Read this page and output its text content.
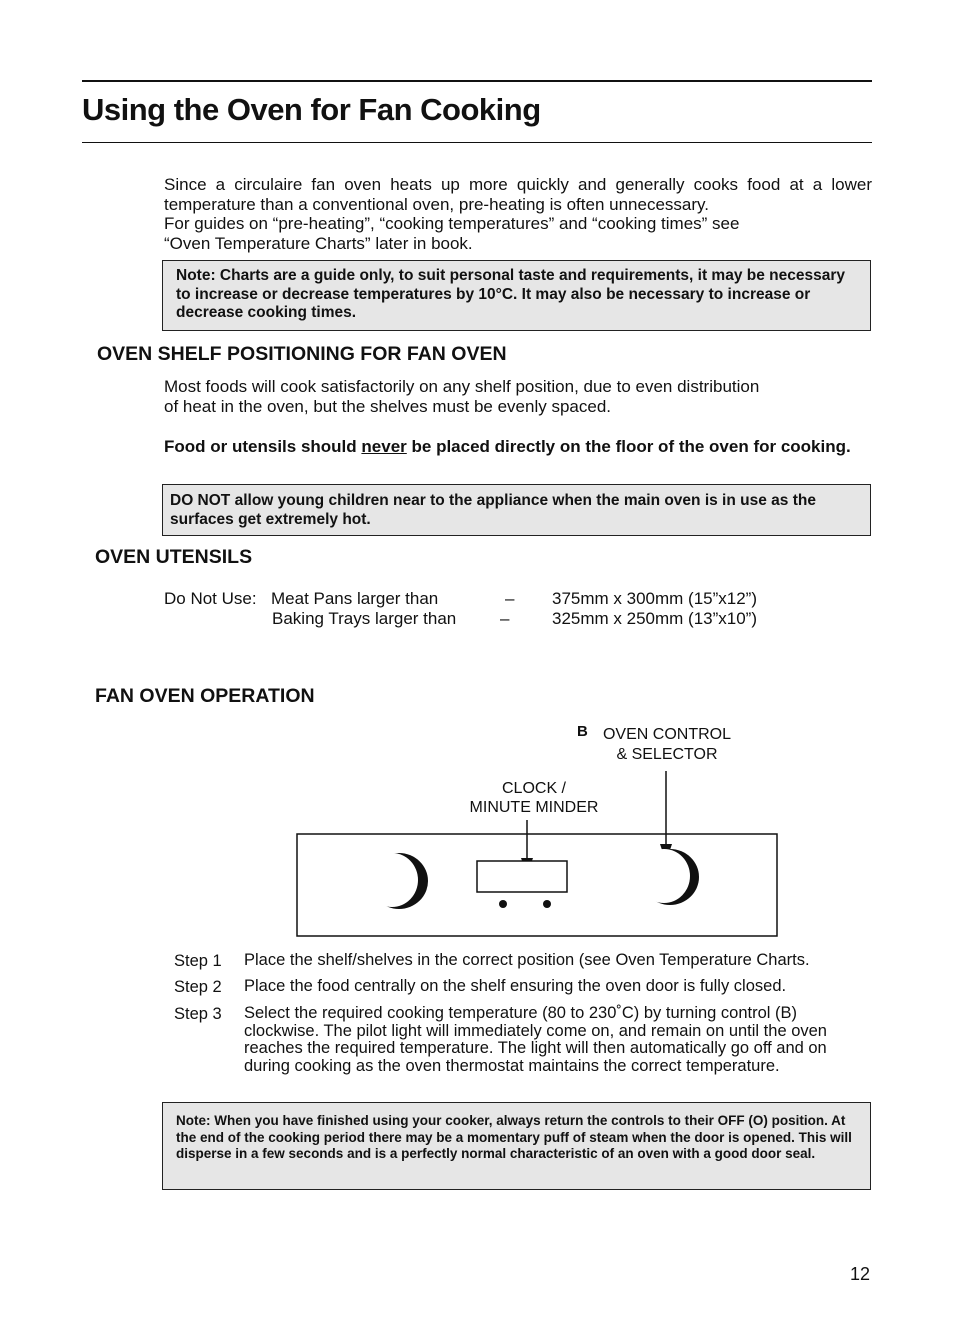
Using the Oven for Fan Cooking

Since a circulaire fan oven heats up more quickly and generally cooks food at a lower temperature than a conventional oven, pre-heating is often unnecessary.

For guides on “pre-heating”, “cooking temperatures” and “cooking times” see

“Oven Temperature Charts” later in book.

Note: Charts are a guide only, to suit personal taste and requirements, it may be necessary to increase or decrease temperatures by 10°C. It may also be necessary to increase or decrease cooking times.
OVEN SHELF POSITIONING FOR FAN OVEN

Most foods will cook satisfactorily on any shelf position, due to even distribution

of heat in the oven, but the shelves must be evenly spaced.

Food or utensils should never be placed directly on the floor of the oven for cooking.
DO NOT allow young children near to the appliance when the main oven is in use as the surfaces get extremely hot.
OVEN UTENSILS
Do Not Use: Meat Pans larger than	– 375mm x 300mm (15”x12”)
Baking Trays larger than	–	325mm x 250mm (13”x10”)
FAN OVEN OPERATION
B OVEN CONTROL
& SELECTOR
CLOCK /
MINUTE MINDER
Step 1 Place the shelf/shelves in the correct position (see Oven Temperature Charts.
Step 2 Place the food centrally on the shelf ensuring the oven door is fully closed.
Step 3 Select the required cooking temperature (80 to 230˚C) by turning control (B) clockwise. The pilot light will immediately come on, and remain on until the oven reaches the required temperature. The light will then automatically go off and on during cooking as the oven thermostat maintains the correct temperature.
Note: When you have finished using your cooker, always return the controls to their OFF (O) position. At the end of the cooking period there may be a momentary puff of steam when the door is opened. This will disperse in a few seconds and is a perfectly normal characteristic of an oven with a good door seal.
12
